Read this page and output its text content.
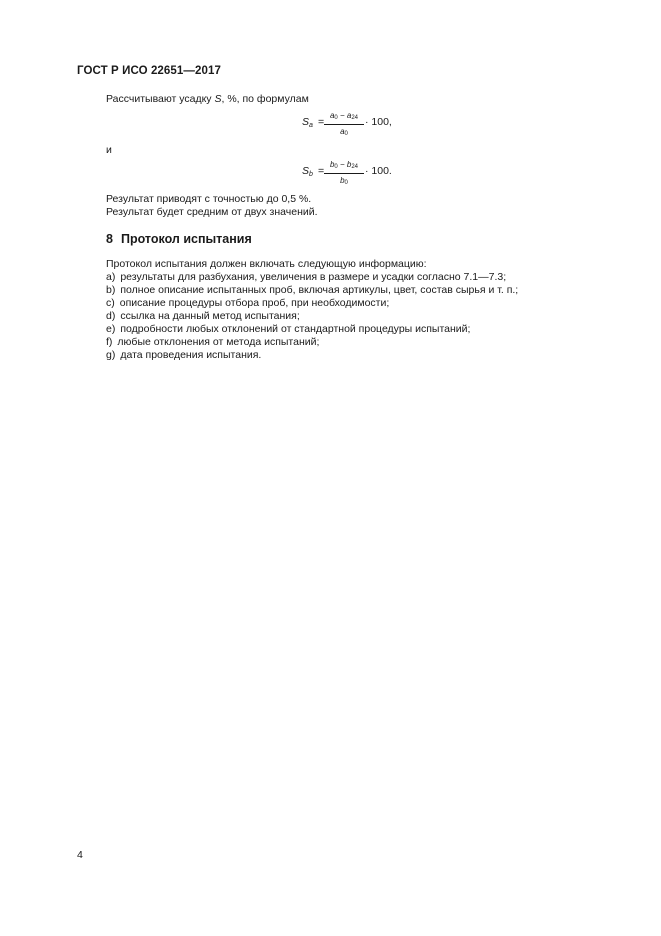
ГОСТ Р ИСО 22651—2017
Рассчитывают усадку S, %, по формулам
$S_a$ =
$a_0 - a_{24}$
$a_0$
· 100,
и
$S_b$ =
$b_0 - b_{24}$
$b_0$
· 100.
Результат приводят с точностью до 0,5 %.
Результат будет средним от двух значений.
8 Протокол испытания
Протокол испытания должен включать следующую информацию:
a) результаты для разбухания, увеличения в размере и усадки согласно 7.1—7.3;
b) полное описание испытанных проб, включая артикулы, цвет, состав сырья и т. п.;
c) описание процедуры отбора проб, при необходимости;
d) ссылка на данный метод испытания;
e) подробности любых отклонений от стандартной процедуры испытаний;
f) любые отклонения от метода испытаний;
g) дата проведения испытания.
4
